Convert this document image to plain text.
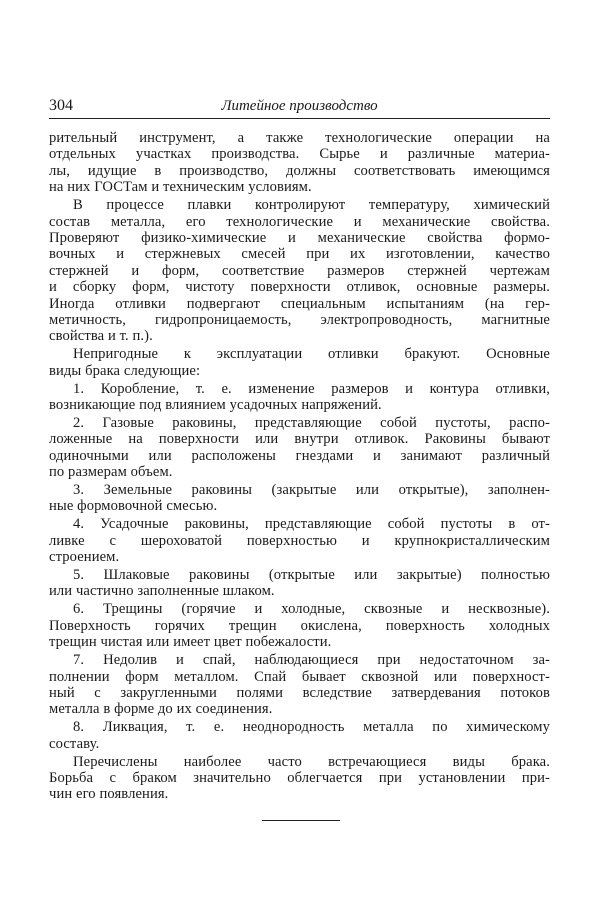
304	Литейное производство
рительный инструмент, а также технологические операции на
отдельных участках производства. Сырье и различные материа-
лы, идущие в производство, должны соответствовать имеющимся
на них ГОСТам и техническим условиям.
В процессе плавки контролируют температуру, химический
состав металла, его технологические и механические свойства.
Проверяют физико-химические и механические свойства формо-
вочных и стержневых смесей при их изготовлении, качество
стержней и форм, соответствие размеров стержней чертежам
и сборку форм, чистоту поверхности отливок, основные размеры.
Иногда отливки подвергают специальным испытаниям (на гер-
метичность, гидропроницаемость, электропроводность, магнитные
свойства и т. п.).
Непригодные к эксплуатации отливки бракуют. Основные
виды брака следующие:
1. Коробление, т. е. изменение размеров и контура отливки,
возникающие под влиянием усадочных напряжений.
2. Газовые раковины, представляющие собой пустоты, распо-
ложенные на поверхности или внутри отливок. Раковины бывают
одиночными или расположены гнездами и занимают различный
по размерам объем.
3. Земельные раковины (закрытые или открытые), заполнен-
ные формовочной смесью.
4. Усадочные раковины, представляющие собой пустоты в от-
ливке с шероховатой поверхностью и крупнокристаллическим
строением.
5. Шлаковые раковины (открытые или закрытые) полностью
или частично заполненные шлаком.
6. Трещины (горячие и холодные, сквозные и несквозные).
Поверхность горячих трещин окислена, поверхность холодных
трещин чистая или имеет цвет побежалости.
7. Недолив и спай, наблюдающиеся при недостаточном за-
полнении форм металлом. Спай бывает сквозной или поверхност-
ный с закругленными полями вследствие затвердевания потоков
металла в форме до их соединения.
8. Ликвация, т. е. неоднородность металла по химическому
составу.
Перечислены наиболее часто встречающиеся виды брака.
Борьба с браком значительно облегчается при установлении при-
чин его появления.
